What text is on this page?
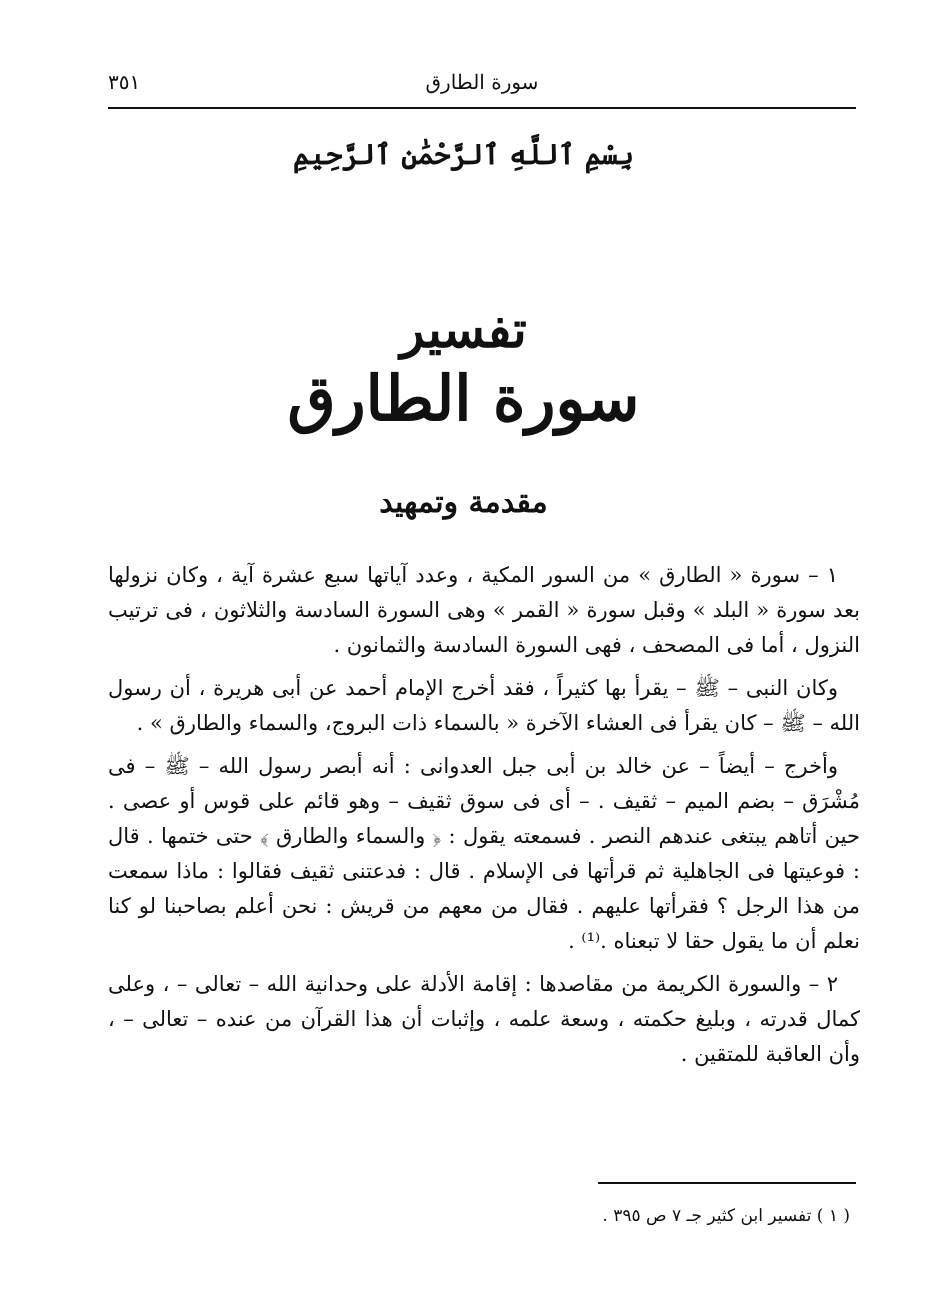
سورة الطارق
٣٥١
بِسْمِ ٱللَّهِ ٱلرَّحْمَٰنِ ٱلرَّحِيمِ
تفسير
سورة الطارق
مقدمة وتمهيد

١ – سورة « الطارق » من السور المكية ، وعدد آياتها سبع عشرة آية ، وكان نزولها بعد سورة « البلد » وقبل سورة « القمر » وهى السورة السادسة والثلاثون ، فى ترتيب النزول ، أما فى المصحف ، فهى السورة السادسة والثمانون .

وكان النبى – ﷺ – يقرأ بها كثيراً ، فقد أخرج الإمام أحمد عن أبى هريرة ، أن رسول الله – ﷺ – كان يقرأ فى العشاء الآخرة « بالسماء ذات البروج، والسماء والطارق » .

وأخرج – أيضاً – عن خالد بن أبى جبل العدوانى : أنه أبصر رسول الله – ﷺ – فى مُشْرَق – بضم الميم – ثقيف . – أى فى سوق ثقيف – وهو قائم على قوس أو عصى . حين أتاهم يبتغى عندهم النصر . فسمعته يقول : ﴿ والسماء والطارق ﴾ حتى ختمها . قال : فوعيتها فى الجاهلية ثم قرأتها فى الإسلام . قال : فدعتنى ثقيف فقالوا : ماذا سمعت من هذا الرجل ؟ فقرأتها عليهم . فقال من معهم من قريش : نحن أعلم بصاحبنا لو كنا نعلم أن ما يقول حقا لا تبعناه .⁽¹⁾ .

٢ – والسورة الكريمة من مقاصدها : إقامة الأدلة على وحدانية الله – تعالى – ، وعلى كمال قدرته ، وبليغ حكمته ، وسعة علمه ، وإثبات أن هذا القرآن من عنده – تعالى – ، وأن العاقبة للمتقين .

( ١ ) تفسير ابن كثير جـ ٧ ص ٣٩٥ .
